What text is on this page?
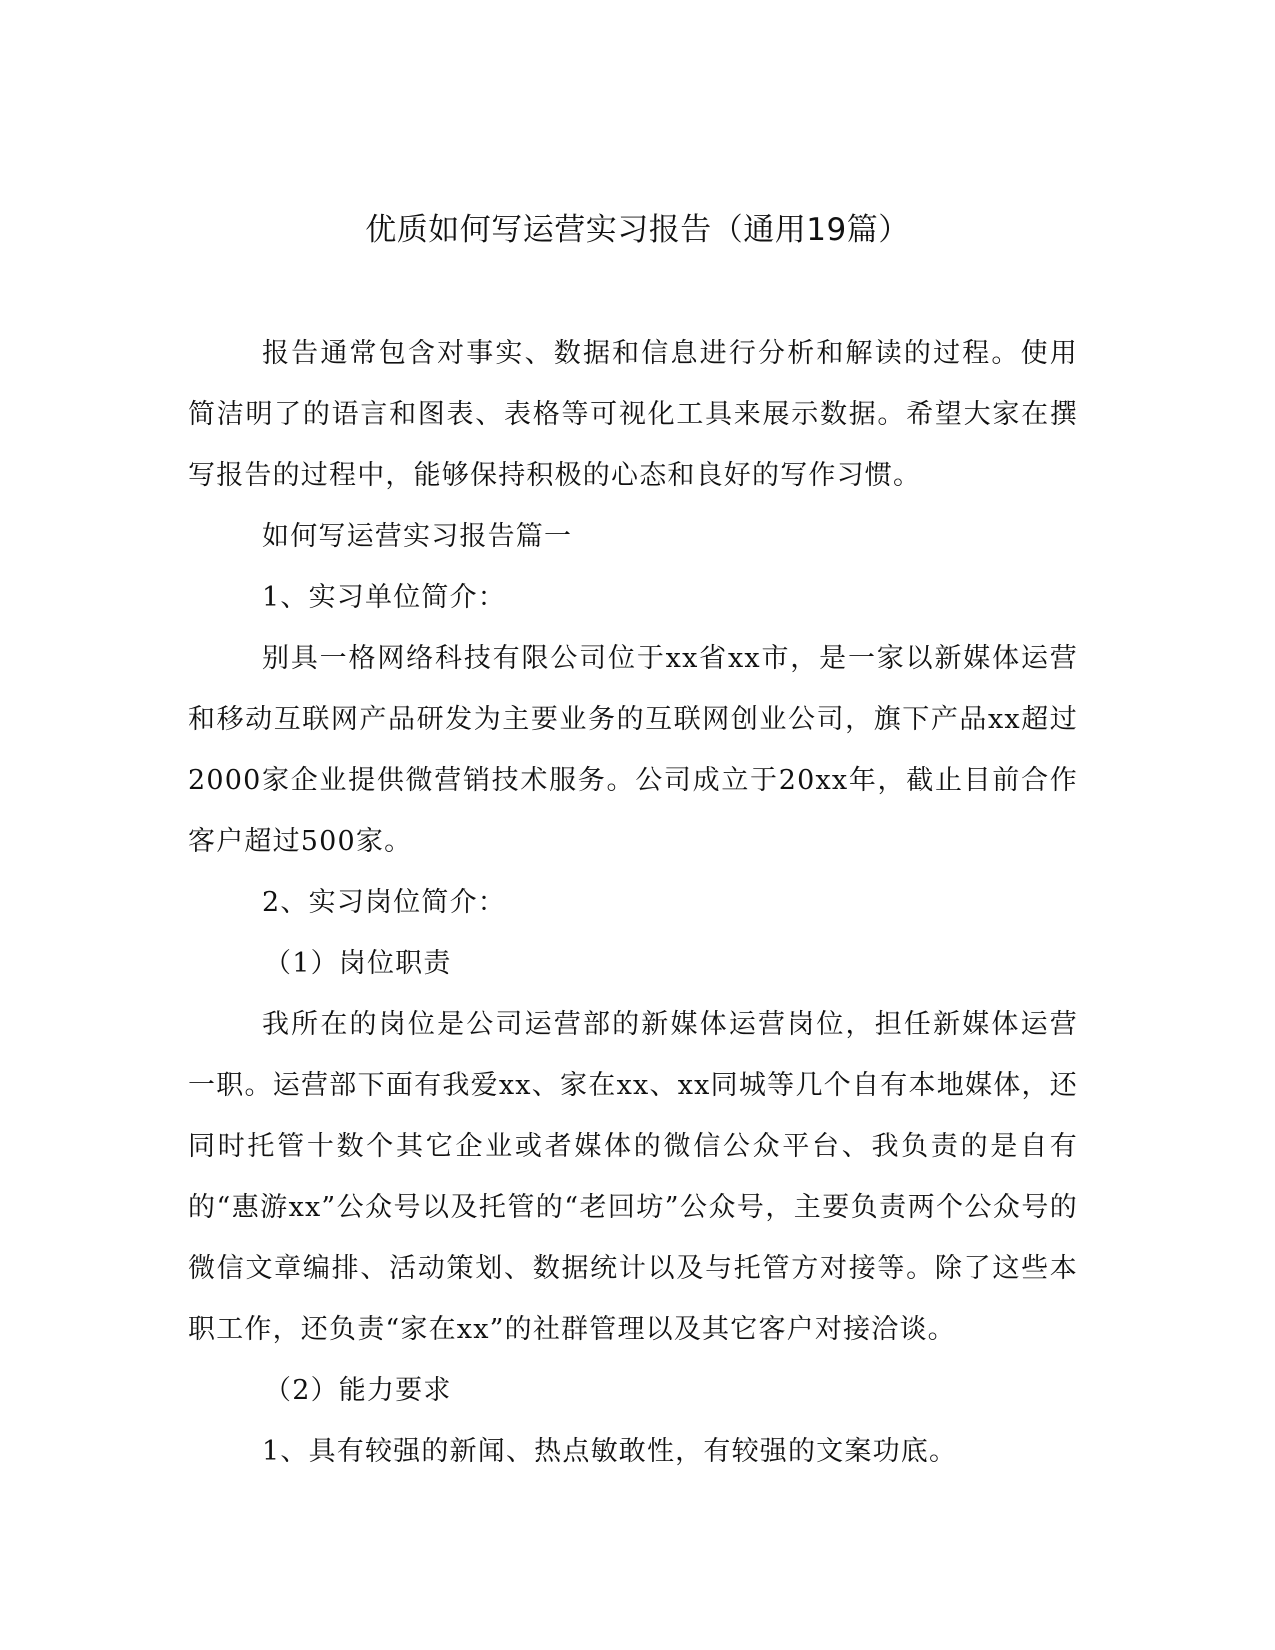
优质如何写运营实习报告（通用19篇）

报告通常包含对事实、数据和信息进行分析和解读的过程。使用简洁明了的语言和图表、表格等可视化工具来展示数据。希望大家在撰写报告的过程中，能够保持积极的心态和良好的写作习惯。

如何写运营实习报告篇一

1、实习单位简介：

别具一格网络科技有限公司位于xx省xx市，是一家以新媒体运营和移动互联网产品研发为主要业务的互联网创业公司，旗下产品xx超过2000家企业提供微营销技术服务。公司成立于20xx年，截止目前合作客户超过500家。

2、实习岗位简介：

（1）岗位职责

我所在的岗位是公司运营部的新媒体运营岗位，担任新媒体运营一职。运营部下面有我爱xx、家在xx、xx同城等几个自有本地媒体，还同时托管十数个其它企业或者媒体的微信公众平台、我负责的是自有的“惠游xx”公众号以及托管的“老回坊”公众号，主要负责两个公众号的微信文章编排、活动策划、数据统计以及与托管方对接等。除了这些本职工作，还负责“家在xx”的社群管理以及其它客户对接洽谈。

（2）能力要求

1、具有较强的新闻、热点敏敢性，有较强的文案功底。
